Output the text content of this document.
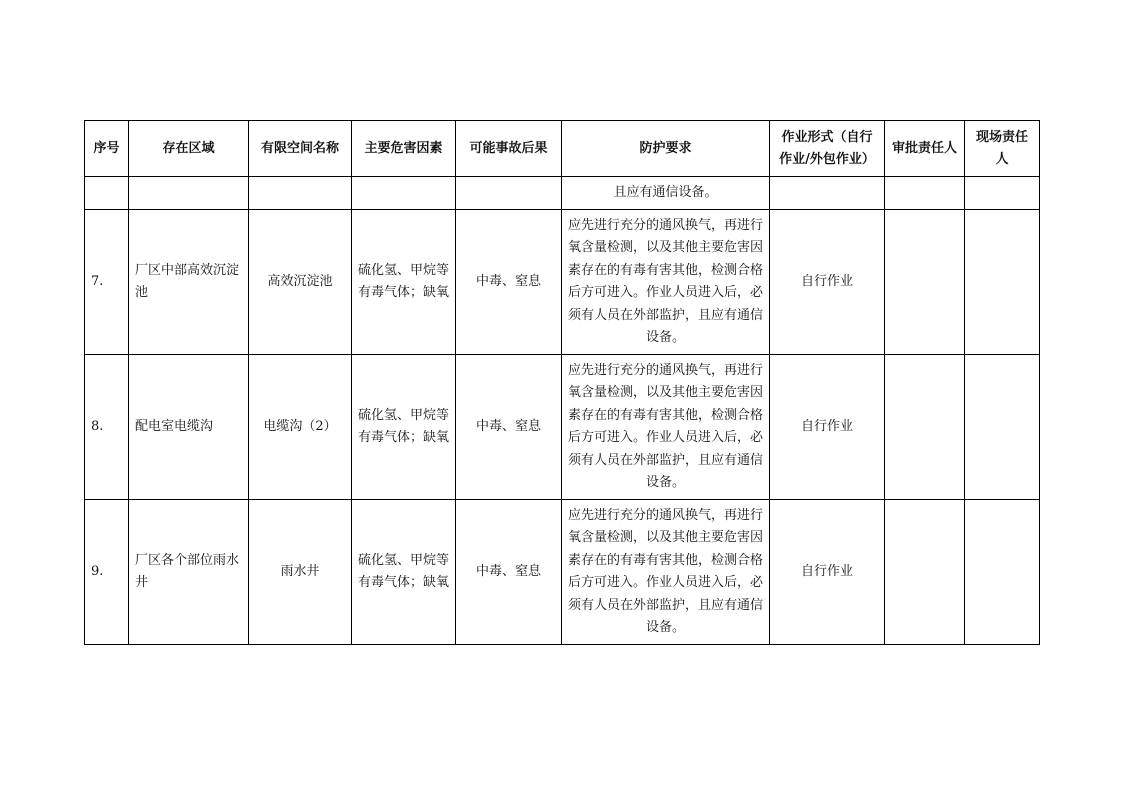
序号	存在区域	有限空间名称	主要危害因素	可能事故后果	防护要求	作业形式（自行作业/外包作业）	审批责任人	现场责任人
					且应有通信设备。			
7.	厂区中部高效沉淀池	高效沉淀池	硫化氢、甲烷等有毒气体；缺氧	中毒、窒息	应先进行充分的通风换气，再进行氧含量检测，以及其他主要危害因素存在的有毒有害其他，检测合格后方可进入。作业人员进入后，必须有人员在外部监护，且应有通信设备。	自行作业		
8.	配电室电缆沟	电缆沟（2）	硫化氢、甲烷等有毒气体；缺氧	中毒、窒息	应先进行充分的通风换气，再进行氧含量检测，以及其他主要危害因素存在的有毒有害其他，检测合格后方可进入。作业人员进入后，必须有人员在外部监护，且应有通信设备。	自行作业		
9.	厂区各个部位雨水井	雨水井	硫化氢、甲烷等有毒气体；缺氧	中毒、窒息	应先进行充分的通风换气，再进行氧含量检测，以及其他主要危害因素存在的有毒有害其他，检测合格后方可进入。作业人员进入后，必须有人员在外部监护，且应有通信设备。	自行作业		
